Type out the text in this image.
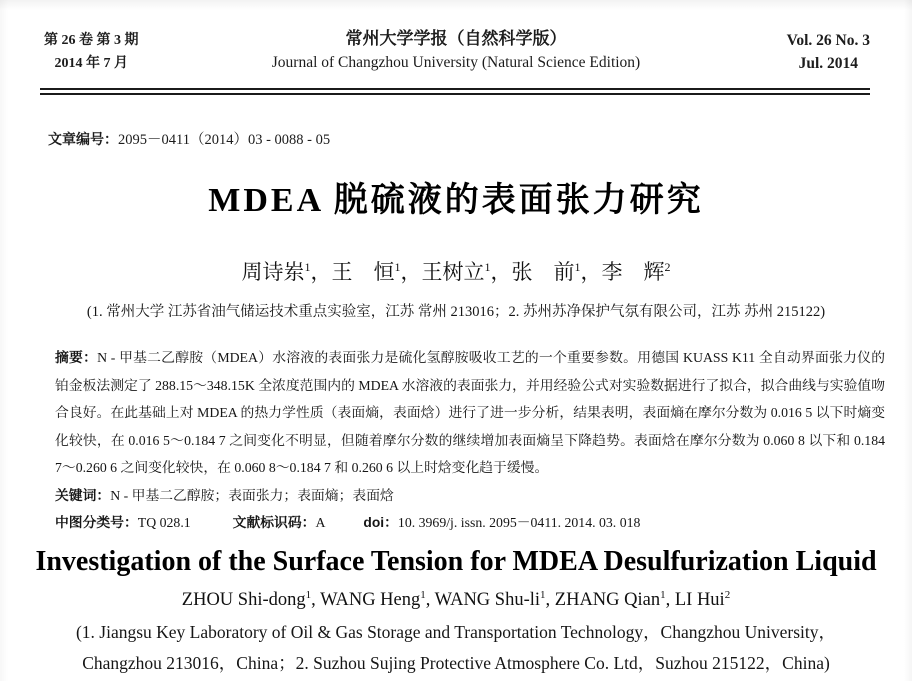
第 26 卷 第 3 期
2014 年 7 月
常州大学学报（自然科学版）
Journal of Changzhou University (Natural Science Edition)
Vol. 26 No. 3
Jul. 2014
文章编号：2095－0411（2014）03 - 0088 - 05
MDEA 脱硫液的表面张力研究
周诗岽$^1$，王　恒$^1$，王树立$^1$，张　前$^1$，李　辉$^2$
(1. 常州大学 江苏省油气储运技术重点实验室，江苏 常州 213016；2. 苏州苏净保护气氛有限公司，江苏 苏州 215122)

摘要：N - 甲基二乙醇胺（MDEA）水溶液的表面张力是硫化氢醇胺吸收工艺的一个重要参数。用德国 KUASS K11 全自动界面张力仪的铂金板法测定了 288.15～348.15K 全浓度范围内的 MDEA 水溶液的表面张力，并用经验公式对实验数据进行了拟合，拟合曲线与实验值吻合良好。在此基础上对 MDEA 的热力学性质（表面熵，表面焓）进行了进一步分析，结果表明，表面熵在摩尔分数为 0.016 5 以下时熵变化较快，在 0.016 5～0.184 7 之间变化不明显，但随着摩尔分数的继续增加表面熵呈下降趋势。表面焓在摩尔分数为 0.060 8 以下和 0.184 7～0.260 6 之间变化较快，在 0.060 8～0.184 7 和 0.260 6 以上时焓变化趋于缓慢。

关键词：N - 甲基二乙醇胺；表面张力；表面熵；表面焓

中图分类号：TQ 028.1	文献标识码：A	doi：10. 3969/j. issn. 2095－0411. 2014. 03. 018

Investigation of the Surface Tension for MDEA Desulfurization Liquid
ZHOU Shi-dong$^1$, WANG Heng$^1$, WANG Shu-$li^1$, ZHANG Qian$^1$, LI Hui$^2$
(1. Jiangsu Key Laboratory of Oil & Gas Storage and Transportation Technology，Changzhou University，
Changzhou 213016，China；2. Suzhou Sujing Protective Atmosphere Co. Ltd，Suzhou 215122，China)
